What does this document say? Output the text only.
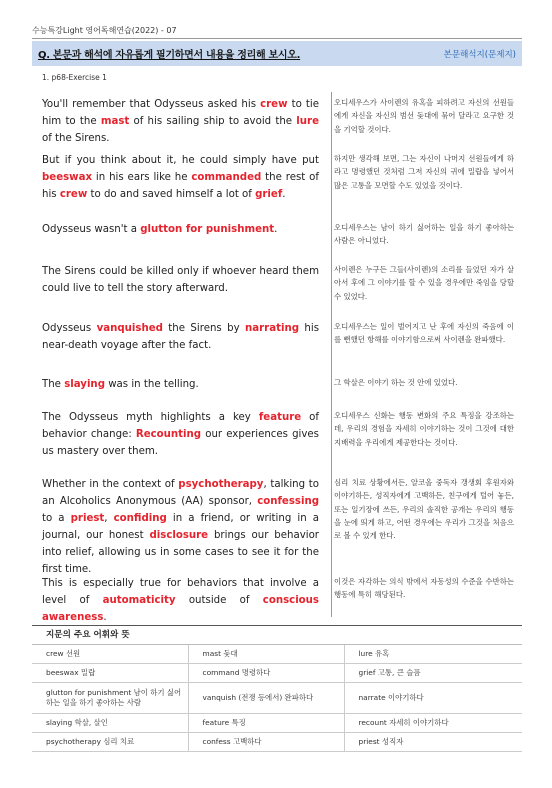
수능특강Light 영어독해연습(2022) - 07
Q. 본문과 해석에 자유롭게 필기하면서 내용을 정리해 보시오.	본문해석지(문제지)
1. p68-Exercise 1
You'll remember that Odysseus asked his crew to tie him to the mast of his sailing ship to avoid the lure of the Sirens.
오디세우스가 사이렌의 유혹을 피하려고 자신의 선원들에게 자신을 자신의 범선 돛대에 묶어 달라고 요구한 것을 기억할 것이다.
But if you think about it, he could simply have put beeswax in his ears like he commanded the rest of his crew to do and saved himself a lot of grief.
하지만 생각해 보면, 그는 자신이 나머지 선원들에게 하라고 명령했던 것처럼 그저 자신의 귀에 밀랍을 넣어서 많은 고통을 모면할 수도 있었을 것이다.
Odysseus wasn't a glutton for punishment.	오디세우스는 남이 하기 싫어하는 일을 하기 좋아하는 사람은 아니었다.
The Sirens could be killed only if whoever heard them could live to tell the story afterward.
사이렌은 누구든 그들(사이렌)의 소리를 들었던 자가 살아서 후에 그 이야기를 할 수 있을 경우에만 죽임을 당할 수 있었다.
Odysseus vanquished the Sirens by narrating his near-death voyage after the fact.
오디세우스는 일이 벌어지고 난 후에 자신의 죽음에 이를 뻔했던 항해를 이야기함으로써 사이렌을 완파했다.
The slaying was in the telling.	그 학살은 이야기 하는 것 안에 있었다.
The Odysseus myth highlights a key feature of behavior change: Recounting our experiences gives us mastery over them.
오디세우스 신화는 행동 변화의 주요 특징을 강조하는데, 우리의 경험을 자세히 이야기하는 것이 그것에 대한 지배력을 우리에게 제공한다는 것이다.
Whether in the context of psychotherapy, talking to an Alcoholics Anonymous (AA) sponsor, confessing to a priest, confiding in a friend, or writing in a journal, our honest disclosure brings our behavior into relief, allowing us in some cases to see it for the first time.
심리 치료 상황에서든, 알코올 중독자 갱생회 후원자와 이야기하든, 성직자에게 고백하든, 친구에게 털어 놓든, 또는 일기장에 쓰든, 우리의 솔직한 공개는 우리의 행동을 눈에 띄게 하고, 어떤 경우에는 우리가 그것을 처음으로 볼 수 있게 한다.
This is especially true for behaviors that involve a level of automaticity outside of conscious awareness.
이것은 자각하는 의식 밖에서 자동성의 수준을 수반하는 행동에 특히 해당된다.
지문의 주요 어휘와 뜻
crew 선원	mast 돛대	lure 유혹
beeswax 밀랍	command 명령하다	grief 고통, 큰 슬픔
glutton for punishment 남이 하기 싫어하는 일을 하기 좋아하는 사람	vanquish (전쟁 등에서) 완파하다	narrate 이야기하다
slaying 학살, 살인	feature 특징	recount 자세히 이야기하다
psychotherapy 심리 치료	confess 고백하다	priest 성직자
